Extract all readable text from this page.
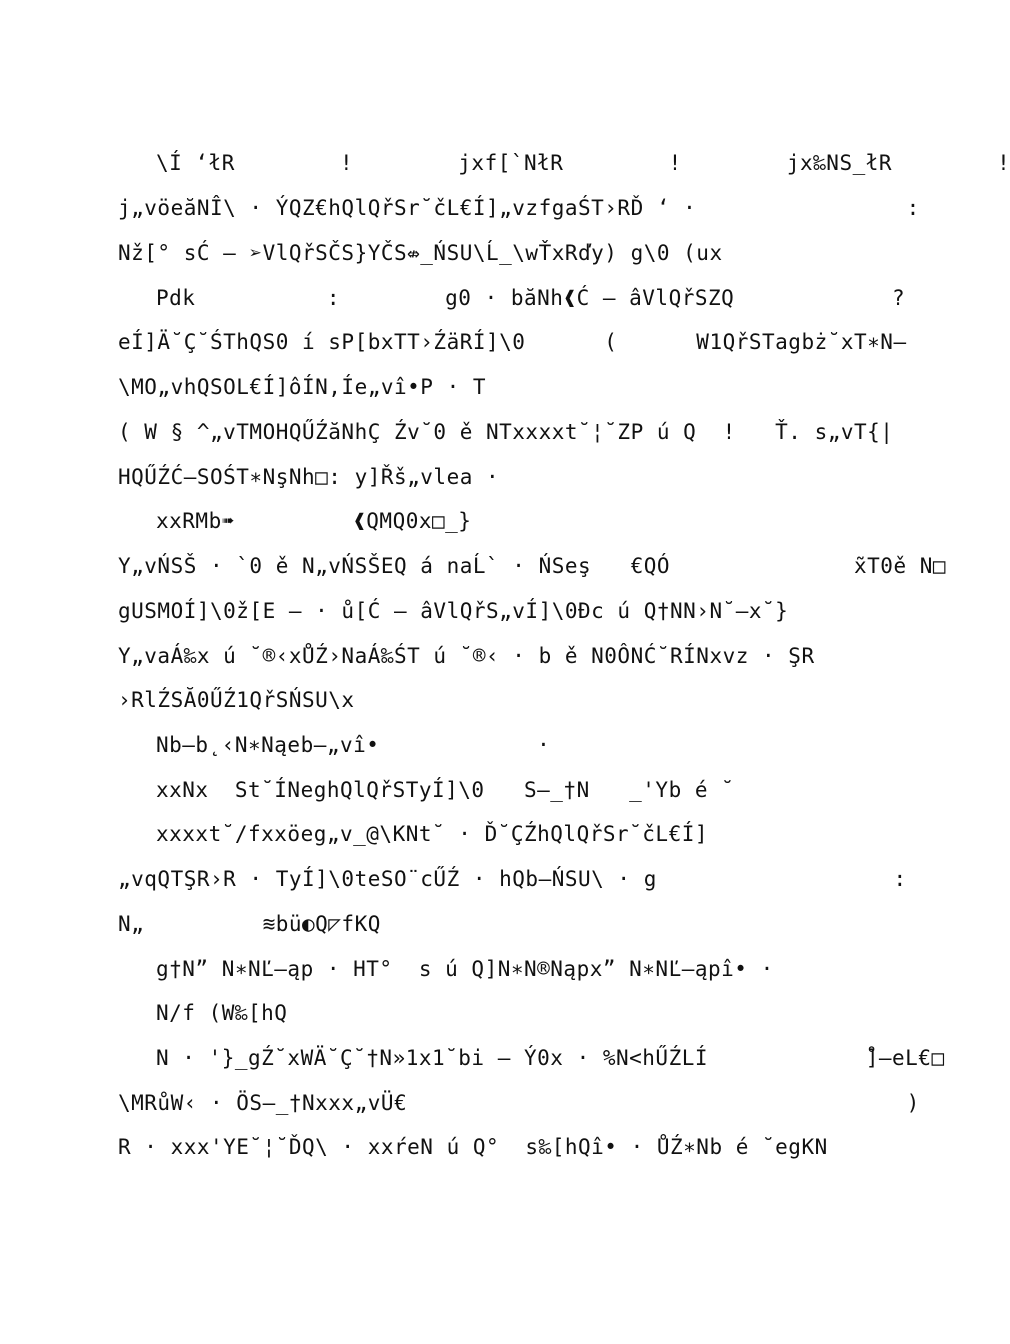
\Í ‘łR        !        jxf[`NłR        !        jx‰NS_łR        !
j„vöeăNÎ\ · ÝQZ€hQlQřSr˘čL€Í]„vzfgaŚT›RĎ ‘ ·                :
Nž[° sĆ – ➢VlQřSČS}YČS⇎_ŃSU\Ĺ_\wŤxRďy) g\0 (ux
Pdk          :        g0 · băNh❰Ć – âVlQřSZQ            ?
eÍ]Ä˘Ç˘ŚThQS0 í sP[bxTT›ŹäRÍ]\0      (      W1QřSTagbż˘xT∗N—
\MO„vhQSOL€Í]ôÍN‚Íe„vî•P · T
( W § ^„vTMOHQŰŹăNhÇ Źv˘0 ě NTxxxxt˘¦˘ZP ú Q  !   Ť. s„vT{|
HQŰŹĆ–SOŚT∗NşNh□: y]Řš„vlea ·
xxRMb➠         ❰QMQ0x□_}
Y„vŃSŠ · `0 ě N„vŃSŠEQ á naĹ` · ŃSeş   €QÓ              x̃T0ě N□
gUSMOÍ]\0ž[E – · ů[Ć – âVlQřS„vÍ]\0Đc ú Q†NN›N˘—x˘}
Y„vaÁ‰x ú ˘®‹xŮŹ›NaÁ‰ŚT ú ˘®‹ · b ě N0ÔNĆ˘RÍNxvz · ŞR
›RlŹSĂ0ŰŹ1QřSŃSU\x
Nb—b˛‹N∗Nąeb—„vî•            ·
xxNx  St˘ÍNeghQlQřSTyÍ]\0   S—_†N   _'Yb é ˘
xxxxt˘/fxxöeg„v_@\KNt˘ · Ď˘ÇŹhQlQřSr˘čL€Í]
„vqQTŞR›R · TyÍ]\0teSO¨cŰŹ · hQb—ŃSU\ · g                  :
N„         ≋bü◐Q◸fKQ
g†N” N∗NĽ–ąp · HT°  s ú Q]N∗N®Nąpx” N∗NĽ–ąpî• ·
N/f (W‰[hQ
N · '}_gŹ˘xWÄ˘Ç˘†N»1x1˘bi – Ý0x · %N<hŰŹLÍ            ̊]—eL€□
\MRůW‹ · ÖS—_†Nxxx„vÜ€                                      )
R · xxx'YE˘¦˘ĎQ\ · xxŕeN ú Q°  s‰[hQî• · ŮŹ∗Nb é ˘egKN
